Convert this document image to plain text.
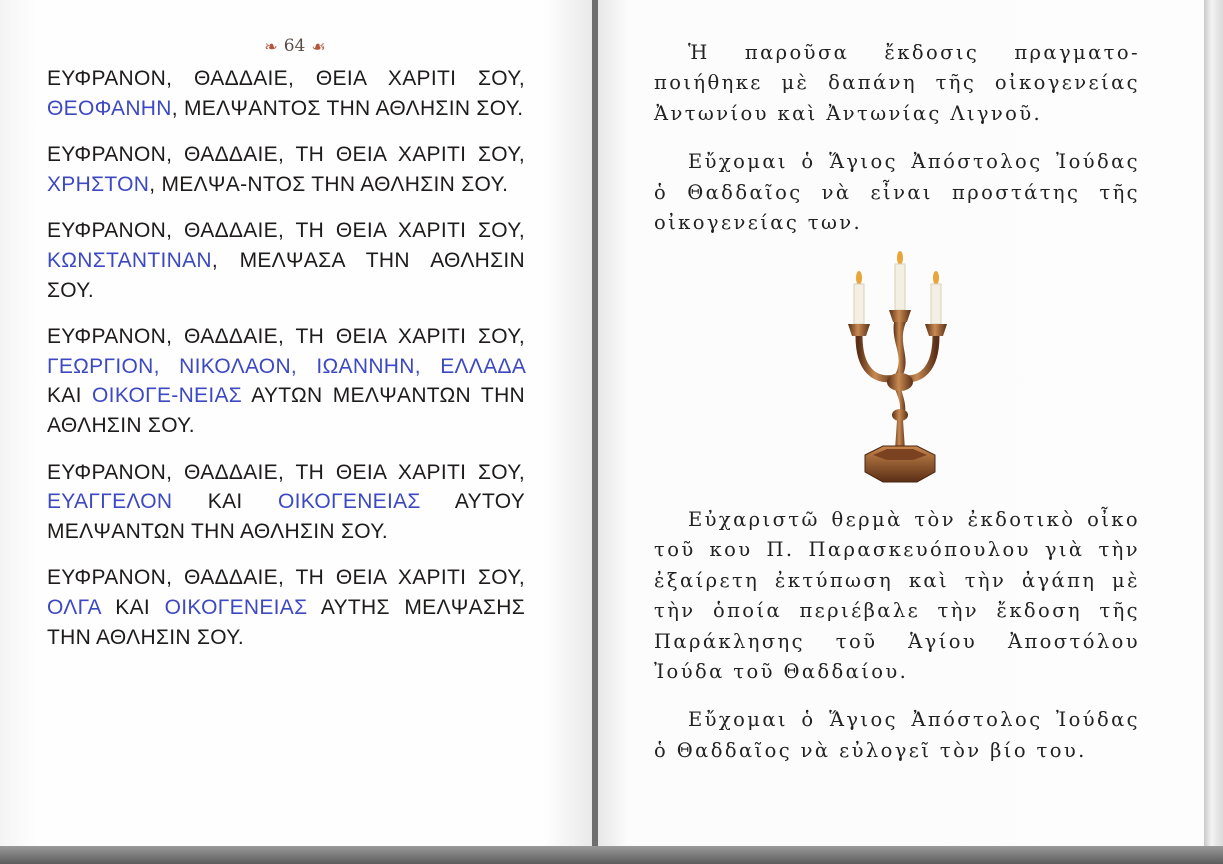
❧ 64 ☙

ΕΥΦΡΑΝΟΝ, ΘΑΔΔΑΙΕ, ΘΕΙΑ ΧΑΡΙΤΙ ΣΟΥ, ΘΕΟΦΑΝΗΝ, ΜΕΛΨΑΝΤΟΣ ΤΗΝ ΑΘΛΗΣΙΝ ΣΟΥ.

ΕΥΦΡΑΝΟΝ, ΘΑΔΔΑΙΕ, ΤΗ ΘΕΙΑ ΧΑΡΙΤΙ ΣΟΥ, ΧΡΗΣΤΟΝ, ΜΕΛΨΑ-ΝΤΟΣ ΤΗΝ ΑΘΛΗΣΙΝ ΣΟΥ.

ΕΥΦΡΑΝΟΝ, ΘΑΔΔΑΙΕ, ΤΗ ΘΕΙΑ ΧΑΡΙΤΙ ΣΟΥ, ΚΩΝΣΤΑΝΤΙΝΑΝ, ΜΕΛΨΑΣΑ ΤΗΝ ΑΘΛΗΣΙΝ ΣΟΥ.

ΕΥΦΡΑΝΟΝ, ΘΑΔΔΑΙΕ, ΤΗ ΘΕΙΑ ΧΑΡΙΤΙ ΣΟΥ, ΓΕΩΡΓΙΟΝ, ΝΙΚΟΛΑΟΝ, ΙΩΑΝΝΗΝ, ΕΛΛΑΔΑ ΚΑΙ ΟΙΚΟΓΕ-ΝΕΙΑΣ ΑΥΤΩΝ ΜΕΛΨΑΝΤΩΝ ΤΗΝ ΑΘΛΗΣΙΝ ΣΟΥ.

ΕΥΦΡΑΝΟΝ, ΘΑΔΔΑΙΕ, ΤΗ ΘΕΙΑ ΧΑΡΙΤΙ ΣΟΥ, ΕΥΑΓΓΕΛΟΝ ΚΑΙ ΟΙΚΟΓΕΝΕΙΑΣ ΑΥΤΟΥ ΜΕΛΨΑΝΤΩΝ ΤΗΝ ΑΘΛΗΣΙΝ ΣΟΥ.

ΕΥΦΡΑΝΟΝ, ΘΑΔΔΑΙΕ, ΤΗ ΘΕΙΑ ΧΑΡΙΤΙ ΣΟΥ, ΟΛΓΑ ΚΑΙ ΟΙΚΟΓΕΝΕΙΑΣ ΑΥΤΗΣ ΜΕΛΨΑΣΗΣ ΤΗΝ ΑΘΛΗΣΙΝ ΣΟΥ.

Ἡ παροῦσα ἔκδοσις πραγματο-ποιήθηκε μὲ δαπάνη τῆς οἰκογενείας Ἀντωνίου καὶ Ἀντωνίας Λιγνοῦ.

Εὔχομαι ὁ Ἅγιος Ἀπόστολος Ἰούδας ὁ Θαδδαῖος νὰ εἶναι προστάτης τῆς οἰκογενείας των.

Εὐχαριστῶ θερμὰ τὸν ἐκδοτικὸ οἶκο τοῦ κου Π. Παρασκευόπουλου γιὰ τὴν ἐξαίρετη ἐκτύπωση καὶ τὴν ἀγάπη μὲ τὴν ὁποία περιέβαλε τὴν ἔκδοση τῆς Παράκλησης τοῦ Ἁγίου Ἀποστόλου Ἰούδα τοῦ Θαδδαίου.

Εὔχομαι ὁ Ἅγιος Ἀπόστολος Ἰούδας ὁ Θαδδαῖος νὰ εὐλογεῖ τὸν βίο του.
